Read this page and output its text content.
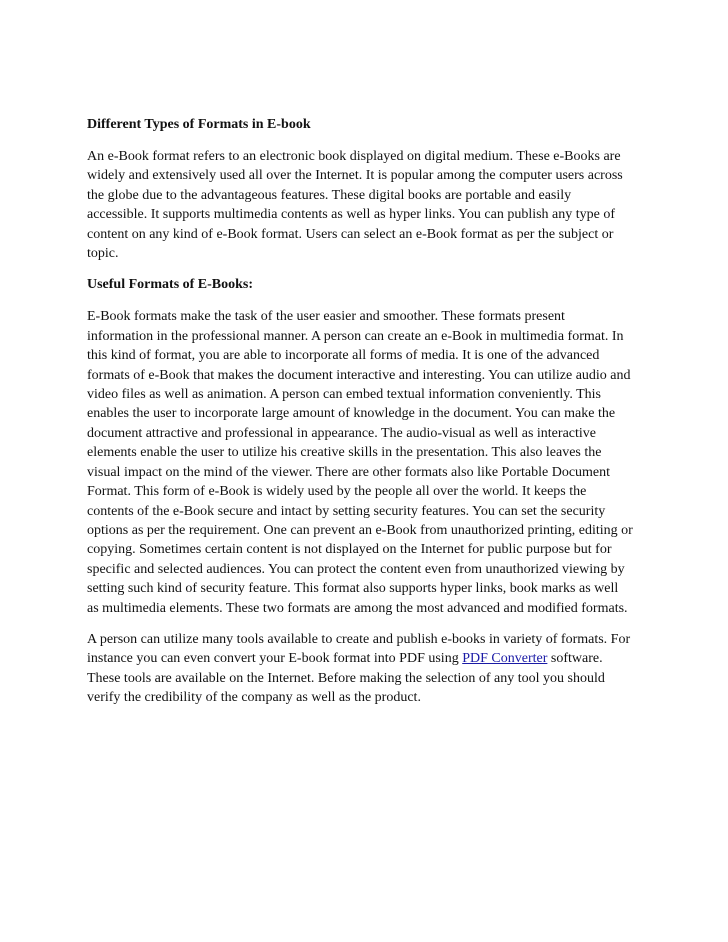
Different Types of Formats in E-book
An e-Book format refers to an electronic book displayed on digital medium. These e-Books are
widely and extensively used all over the Internet. It is popular among the computer users across
the globe due to the advantageous features. These digital books are portable and easily
accessible. It supports multimedia contents as well as hyper links. You can publish any type of
content on any kind of e-Book format. Users can select an e-Book format as per the subject or
topic.
Useful Formats of E-Books:
E-Book formats make the task of the user easier and smoother. These formats present
information in the professional manner. A person can create an e-Book in multimedia format. In
this kind of format, you are able to incorporate all forms of media. It is one of the advanced
formats of e-Book that makes the document interactive and interesting. You can utilize audio and
video files as well as animation. A person can embed textual information conveniently. This
enables the user to incorporate large amount of knowledge in the document. You can make the
document attractive and professional in appearance. The audio-visual as well as interactive
elements enable the user to utilize his creative skills in the presentation. This also leaves the
visual impact on the mind of the viewer. There are other formats also like Portable Document
Format. This form of e-Book is widely used by the people all over the world. It keeps the
contents of the e-Book secure and intact by setting security features. You can set the security
options as per the requirement. One can prevent an e-Book from unauthorized printing, editing or
copying. Sometimes certain content is not displayed on the Internet for public purpose but for
specific and selected audiences. You can protect the content even from unauthorized viewing by
setting such kind of security feature. This format also supports hyper links, book marks as well
as multimedia elements. These two formats are among the most advanced and modified formats.
A person can utilize many tools available to create and publish e-books in variety of formats. For
instance you can even convert your E-book format into PDF using PDF Converter software.
These tools are available on the Internet. Before making the selection of any tool you should
verify the credibility of the company as well as the product.
